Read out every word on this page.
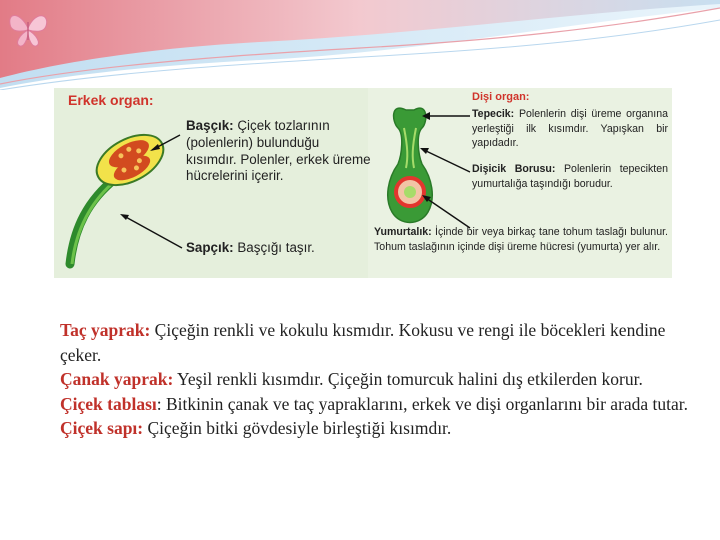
Erkek organ:	Dişi organ:
Başçık: Çiçek tozlarının (polenlerin) bulunduğu kısımdır. Polenler, erkek üreme hücrelerini içerir.
Sapçık: Başçığı taşır.
Tepecik: Polenlerin dişi üreme organına yerleştiği ilk kısımdır. Yapışkan bir yapıdadır.
Dişicik Borusu: Polenlerin tepecikten yumurtalığa taşındığı borudur.
Yumurtalık: İçinde bir veya birkaç tane tohum taslağı bulunur. Tohum taslağının içinde dişi üreme hücresi (yumurta) yer alır.

Taç yaprak: Çiçeğin renkli ve kokulu kısmıdır. Kokusu ve rengi ile böcekleri kendine çeker.

Çanak yaprak: Yeşil renkli kısımdır. Çiçeğin tomurcuk halini dış etkilerden korur.

Çiçek tablası: Bitkinin çanak ve taç yapraklarını, erkek ve dişi organlarını bir arada tutar.

Çiçek sapı: Çiçeğin bitki gövdesiyle birleştiği kısımdır.
